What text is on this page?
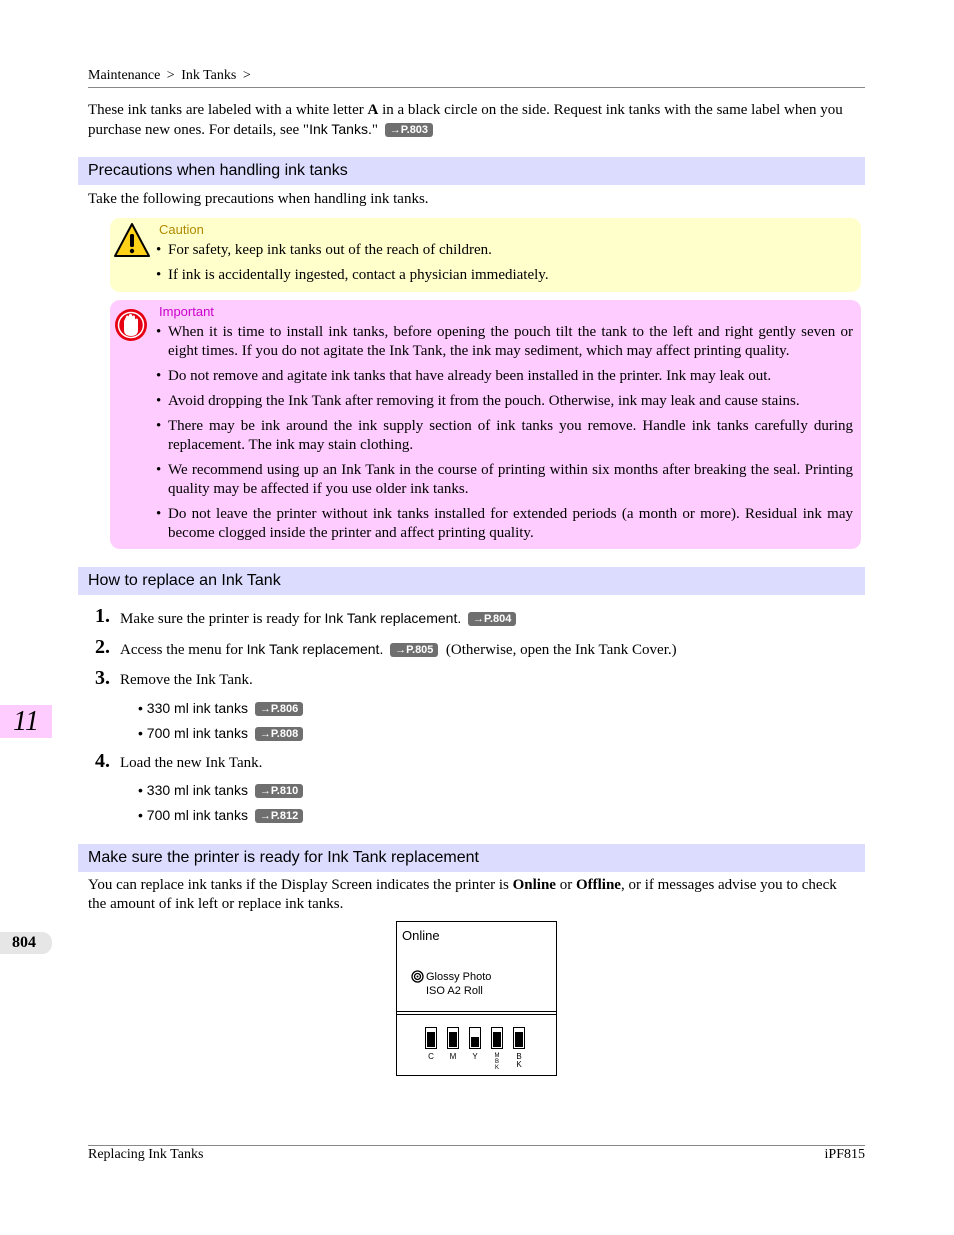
Maintenance > Ink Tanks >
These ink tanks are labeled with a white letter A in a black circle on the side. Request ink tanks with the same label when you purchase new ones. For details, see "Ink Tanks." →P.803
Precautions when handling ink tanks
Take the following precautions when handling ink tanks.
Caution
• For safety, keep ink tanks out of the reach of children.
• If ink is accidentally ingested, contact a physician immediately.
Important
• When it is time to install ink tanks, before opening the pouch tilt the tank to the left and right gently seven or eight times. If you do not agitate the Ink Tank, the ink may sediment, which may affect printing quality.
• Do not remove and agitate ink tanks that have already been installed in the printer. Ink may leak out.
• Avoid dropping the Ink Tank after removing it from the pouch. Otherwise, ink may leak and cause stains.
• There may be ink around the ink supply section of ink tanks you remove. Handle ink tanks carefully during replacement. The ink may stain clothing.
• We recommend using up an Ink Tank in the course of printing within six months after breaking the seal. Printing quality may be affected if you use older ink tanks.
• Do not leave the printer without ink tanks installed for extended periods (a month or more). Residual ink may become clogged inside the printer and affect printing quality.
How to replace an Ink Tank
1. Make sure the printer is ready for Ink Tank replacement. →P.804
2. Access the menu for Ink Tank replacement. →P.805 (Otherwise, open the Ink Tank Cover.)
3. Remove the Ink Tank.
• 330 ml ink tanks →P.806
• 700 ml ink tanks →P.808
4. Load the new Ink Tank.
• 330 ml ink tanks →P.810
• 700 ml ink tanks →P.812
Make sure the printer is ready for Ink Tank replacement
You can replace ink tanks if the Display Screen indicates the printer is Online or Offline, or if messages advise you to check the amount of ink left or replace ink tanks.
Online
Glossy Photo
ISO A2 Roll
C	M	Y	M
B
K
B
K
11
804
Replacing Ink Tanks	iPF815
